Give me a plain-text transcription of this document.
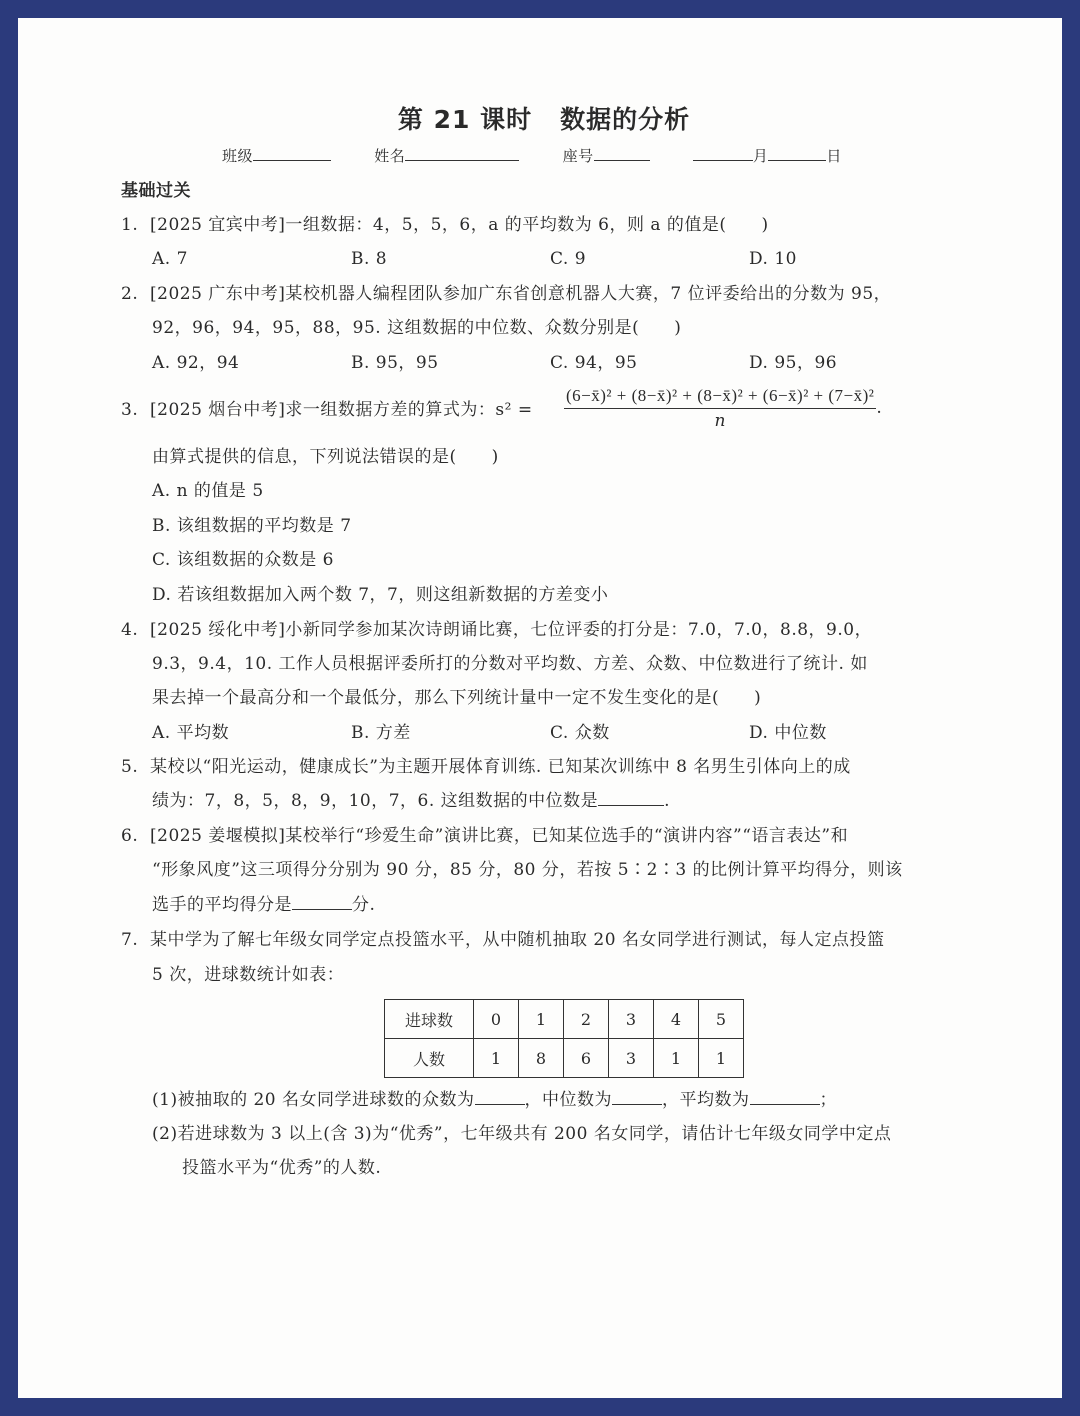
第 21 课时 数据的分析
班级	姓名	座号	月	日
基础过关
1. [2025 宜宾中考]一组数据：4，5，5，6，a 的平均数为 6，则 a 的值是(　　)
A. 7	B. 8	C. 9	D. 10
2. [2025 广东中考]某校机器人编程团队参加广东省创意机器人大赛，7 位评委给出的分数为 95，
92，96，94，95，88，95. 这组数据的中位数、众数分别是(　　)
A. 92，94	B. 95，95	C. 94，95	D. 95，96
3. [2025 烟台中考]求一组数据方差的算式为：$s^2 = \frac{\text{(6−x̄)² + (8−x̄)² + (8−x̄)² + (6−x̄)² + (7−x̄)²}}{n}$ .
由算式提供的信息，下列说法错误的是(　　)
A. n 的值是 5
B. 该组数据的平均数是 7
C. 该组数据的众数是 6
D. 若该组数据加入两个数 7，7，则这组新数据的方差变小
4. [2025 绥化中考]小新同学参加某次诗朗诵比赛，七位评委的打分是：7.0，7.0，8.8，9.0，
9.3，9.4，10. 工作人员根据评委所打的分数对平均数、方差、众数、中位数进行了统计. 如
果去掉一个最高分和一个最低分，那么下列统计量中一定不发生变化的是(　　)
A. 平均数	B. 方差	C. 众数	D. 中位数
5. 某校以“阳光运动，健康成长”为主题开展体育训练. 已知某次训练中 8 名男生引体向上的成
绩为：7，8，5，8，9，10，7，6. 这组数据的中位数是	.
6. [2025 姜堰模拟]某校举行“珍爱生命”演讲比赛，已知某位选手的“演讲内容”“语言表达”和
“形象风度”这三项得分分别为 90 分，85 分，80 分，若按 5∶2∶3 的比例计算平均得分，则该
选手的平均得分是	分.
7. 某中学为了解七年级女同学定点投篮水平，从中随机抽取 20 名女同学进行测试，每人定点投篮
5 次，进球数统计如表：
进球数	0	1	2	3	4	5
人数	1	8	6	3	1	1
(1)被抽取的 20 名女同学进球数的众数为	，中位数为	，平均数为	；
(2)若进球数为 3 以上(含 3)为“优秀”，七年级共有 200 名女同学，请估计七年级女同学中定点
投篮水平为“优秀”的人数.
